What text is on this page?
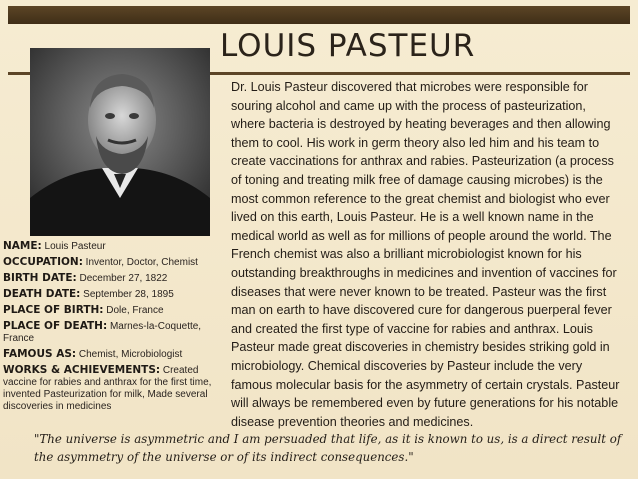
LOUIS PASTEUR
NAME: Louis Pasteur
OCCUPATION: Inventor, Doctor, Chemist
BIRTH DATE: December 27, 1822
DEATH DATE: September 28, 1895
PLACE OF BIRTH: Dole, France
PLACE OF DEATH: Marnes-la-Coquette, France
FAMOUS AS: Chemist, Microbiologist
WORKS & ACHIEVEMENTS: Created vaccine for rabies and anthrax for the first time, invented Pasteurization for milk, Made several discoveries in medicines

Dr. Louis Pasteur discovered that microbes were responsible for souring alcohol and came up with the process of pasteurization, where bacteria is destroyed by heating beverages and then allowing them to cool. His work in germ theory also led him and his team to create vaccinations for anthrax and rabies. Pasteurization (a process of toning and treating milk free of damage causing microbes) is the most common reference to the great chemist and biologist who ever lived on this earth, Louis Pasteur. He is a well known name in the medical world as well as for millions of people around the world. The French chemist was also a brilliant microbiologist known for his outstanding breakthroughs in medicines and invention of vaccines for diseases that were never known to be treated. Pasteur was the first man on earth to have discovered cure for dangerous puerperal fever and created the first type of vaccine for rabies and anthrax. Louis Pasteur made great discoveries in chemistry besides striking gold in microbiology. Chemical discoveries by Pasteur include the very famous molecular basis for the asymmetry of certain crystals. Pasteur will always be remembered even by future generations for his notable disease prevention theories and medicines.

"The universe is asymmetric and I am persuaded that life, as it is known to us, is a direct result of the asymmetry of the universe or of its indirect consequences."
